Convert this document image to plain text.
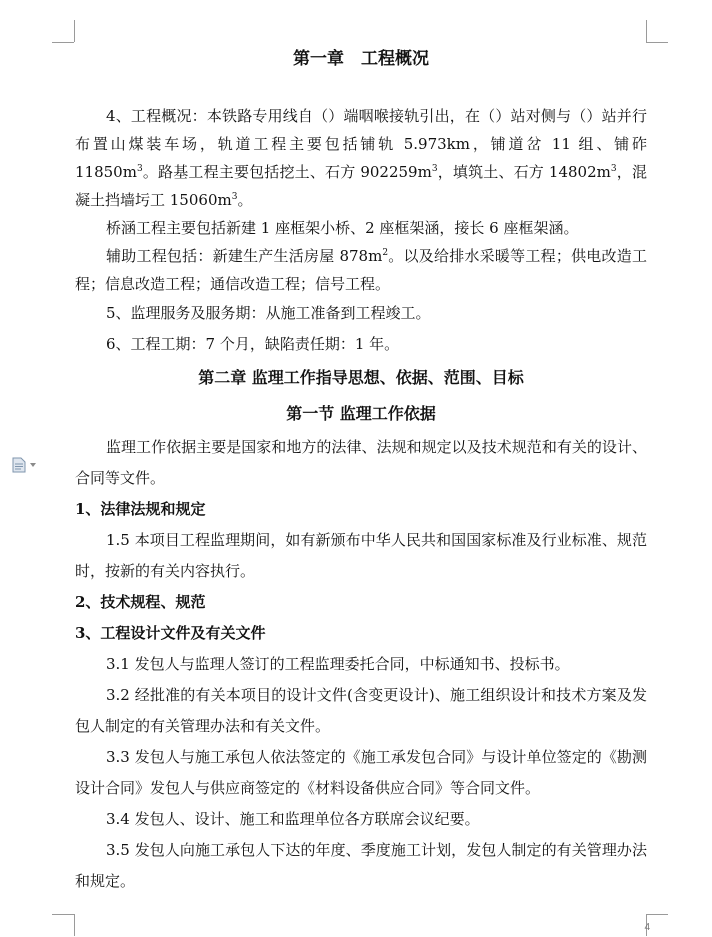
第一章　工程概况

4、工程概况：本铁路专用线自（）端咽喉接轨引出，在（）站对侧与（）站并行布置山煤装车场，轨道工程主要包括铺轨 5.973km，铺道岔 11 组、铺砟 $11850m^3$。路基工程主要包括挖土、石方 $902259m^3$，填筑土、石方 $14802m^3$，混凝土挡墙圬工 $15060m^3$。

桥涵工程主要包括新建 1 座框架小桥、2 座框架涵，接长 6 座框架涵。

辅助工程包括：新建生产生活房屋 $878m^2$。以及给排水采暖等工程；供电改造工程；信息改造工程；通信改造工程；信号工程。

5、监理服务及服务期：从施工准备到工程竣工。

6、工程工期：7 个月，缺陷责任期：1 年。

第二章 监理工作指导思想、依据、范围、目标
第一节 监理工作依据

监理工作依据主要是国家和地方的法律、法规和规定以及技术规范和有关的设计、合同等文件。

1、法律法规和规定

1.5 本项目工程监理期间，如有新颁布中华人民共和国国家标准及行业标准、规范时，按新的有关内容执行。

2、技术规程、规范

3、工程设计文件及有关文件

3.1 发包人与监理人签订的工程监理委托合同，中标通知书、投标书。

3.2 经批准的有关本项目的设计文件(含变更设计)、施工组织设计和技术方案及发包人制定的有关管理办法和有关文件。

3.3 发包人与施工承包人依法签定的《施工承发包合同》与设计单位签定的《勘测设计合同》发包人与供应商签定的《材料设备供应合同》等合同文件。

3.4 发包人、设计、施工和监理单位各方联席会议纪要。

3.5 发包人向施工承包人下达的年度、季度施工计划，发包人制定的有关管理办法和规定。

4
